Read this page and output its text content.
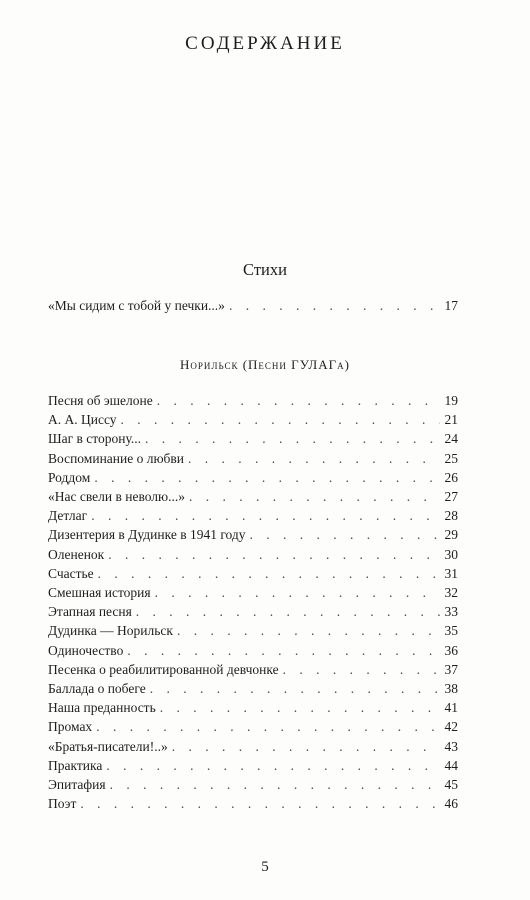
СОДЕРЖАНИЕ
Стихи
«Мы сидим с тобой у печки...» . . .	17
Норильск (Песни ГУЛАГа)
Песня об эшелоне . . .	19
А. А. Циссу . . .	21
Шаг в сторону... . . .	24
Воспоминание о любви . . .	25
Роддом . . .	26
«Нас свели в неволю...» . . .	27
Детлаг . . .	28
Дизентерия в Дудинке в 1941 году . . .	29
Олененок . . .	30
Счастье . . .	31
Смешная история . . .	32
Этапная песня . . .	33
Дудинка — Норильск . . .	35
Одиночество . . .	36
Песенка о реабилитированной девчонке . . .	37
Баллада о побеге . . .	38
Наша преданность . . .	41
Промах . . .	42
«Братья-писатели!..» . . .	43
Практика . . .	44
Эпитафия . . .	45
Поэт . . .	46
5
